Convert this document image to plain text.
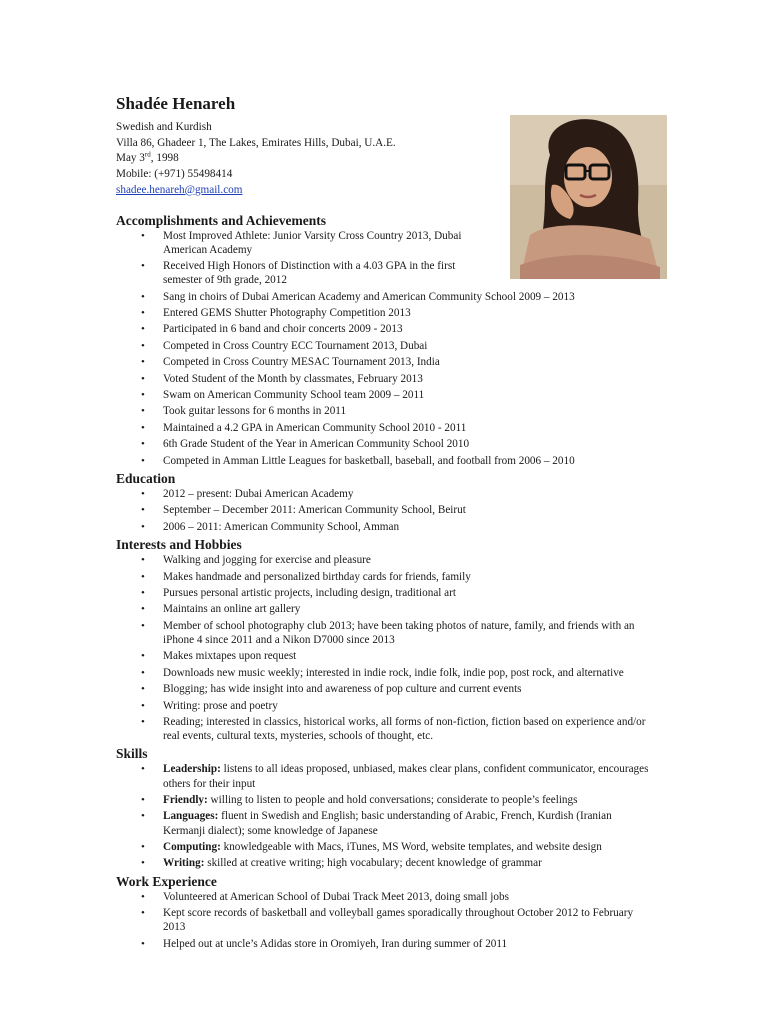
Shadée Henareh
Swedish and Kurdish
Villa 86, Ghadeer 1, The Lakes, Emirates Hills, Dubai, U.A.E.
May 3rd, 1998
Mobile: (+971) 55498414
shadee.henareh@gmail.com
Accomplishments and Achievements
• Most Improved Athlete: Junior Varsity Cross Country 2013, Dubai American Academy
• Received High Honors of Distinction with a 4.03 GPA in the first semester of 9th grade, 2012
• Sang in choirs of Dubai American Academy and American Community School 2009 – 2013
• Entered GEMS Shutter Photography Competition 2013
• Participated in 6 band and choir concerts 2009 - 2013
• Competed in Cross Country ECC Tournament 2013, Dubai
• Competed in Cross Country MESAC Tournament 2013, India
• Voted Student of the Month by classmates, February 2013
• Swam on American Community School team 2009 – 2011
• Took guitar lessons for 6 months in 2011
• Maintained a 4.2 GPA in American Community School 2010 - 2011
• 6th Grade Student of the Year in American Community School 2010
• Competed in Amman Little Leagues for basketball, baseball, and football from 2006 – 2010
Education
• 2012 – present: Dubai American Academy
• September – December 2011: American Community School, Beirut
• 2006 – 2011: American Community School, Amman
Interests and Hobbies
• Walking and jogging for exercise and pleasure
• Makes handmade and personalized birthday cards for friends, family
• Pursues personal artistic projects, including design, traditional art
• Maintains an online art gallery
• Member of school photography club 2013; have been taking photos of nature, family, and friends with an iPhone 4 since 2011 and a Nikon D7000 since 2013
• Makes mixtapes upon request
• Downloads new music weekly; interested in indie rock, indie folk, indie pop, post rock, and alternative
• Blogging; has wide insight into and awareness of pop culture and current events
• Writing: prose and poetry
• Reading; interested in classics, historical works, all forms of non-fiction, fiction based on experience and/or real events, cultural texts, mysteries, schools of thought, etc.
Skills
• Leadership: listens to all ideas proposed, unbiased, makes clear plans, confident communicator, encourages others for their input
• Friendly: willing to listen to people and hold conversations; considerate to people’s feelings
• Languages: fluent in Swedish and English; basic understanding of Arabic, French, Kurdish (Iranian Kermanji dialect); some knowledge of Japanese
• Computing: knowledgeable with Macs, iTunes, MS Word, website templates, and website design
• Writing: skilled at creative writing; high vocabulary; decent knowledge of grammar
Work Experience
• Volunteered at American School of Dubai Track Meet 2013, doing small jobs
• Kept score records of basketball and volleyball games sporadically throughout October 2012 to February 2013
• Helped out at uncle’s Adidas store in Oromiyeh, Iran during summer of 2011
